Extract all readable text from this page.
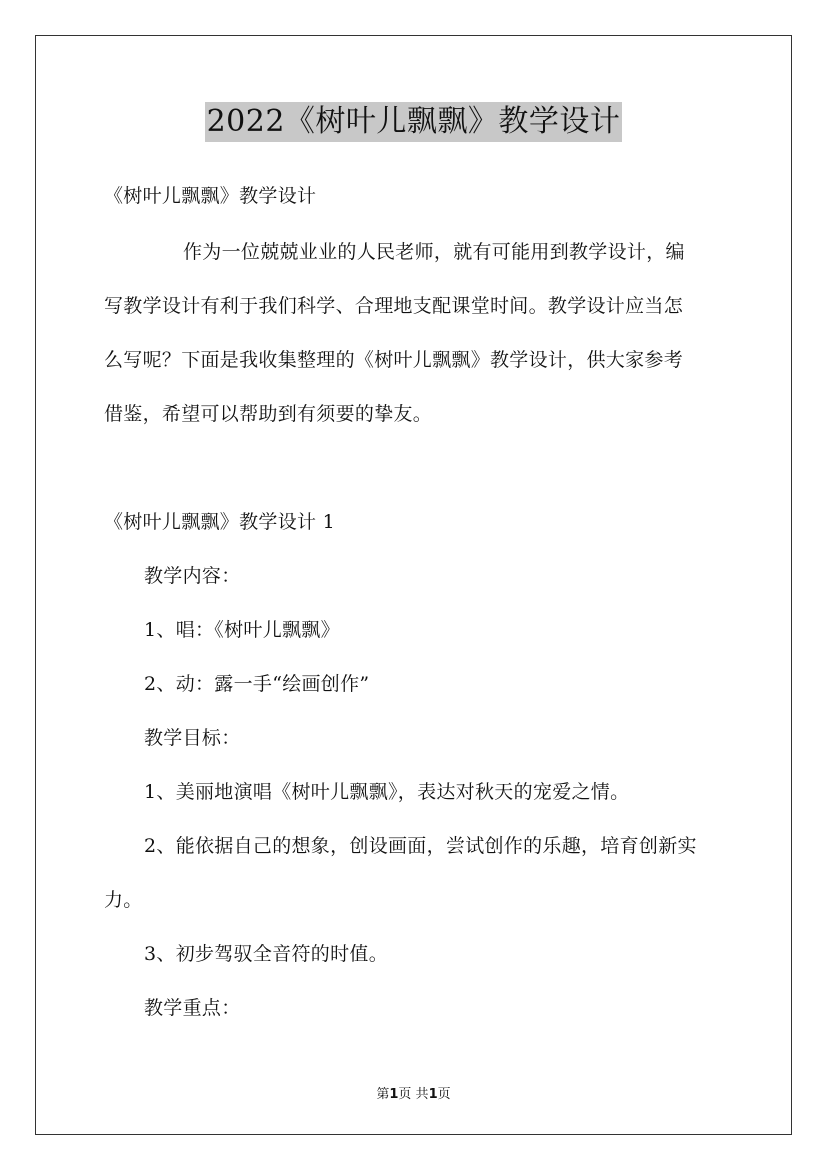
2022《树叶儿飘飘》教学设计
《树叶儿飘飘》教学设计
作为一位兢兢业业的人民老师，就有可能用到教学设计，编
写教学设计有利于我们科学、合理地支配课堂时间。教学设计应当怎
么写呢？下面是我收集整理的《树叶儿飘飘》教学设计，供大家参考
借鉴，希望可以帮助到有须要的挚友。
《树叶儿飘飘》教学设计 1
教学内容：
1、唱：《树叶儿飘飘》
2、动：露一手“绘画创作”
教学目标：
1、美丽地演唱《树叶儿飘飘》，表达对秋天的宠爱之情。
2、能依据自己的想象，创设画面，尝试创作的乐趣，培育创新实
力。
3、初步驾驭全音符的时值。
教学重点：
第1页 共1页
